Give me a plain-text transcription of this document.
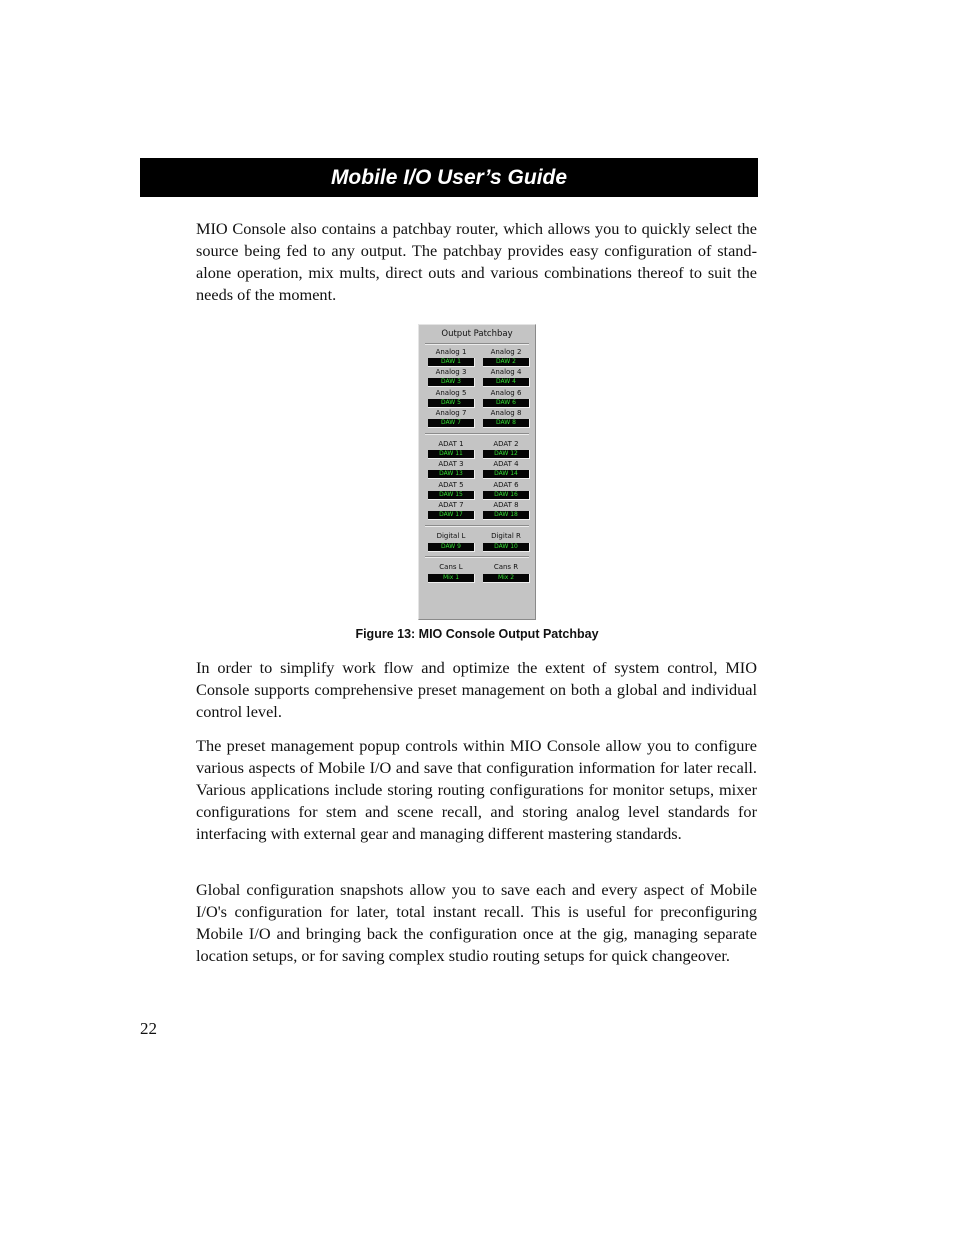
Mobile I/O User’s Guide

MIO Console also contains a patchbay router, which allows you to quickly select the source being fed to any output. The patchbay provides easy configuration of stand-alone operation, mix mults, direct outs and various combinations thereof to suit the needs of the moment.

Output Patchbay
Analog 1	Analog 2
DAW 1	DAW 2
Analog 3	Analog 4
DAW 3	DAW 4
Analog 5	Analog 6
DAW 5	DAW 6
Analog 7	Analog 8
DAW 7	DAW 8
ADAT 1	ADAT 2
DAW 11	DAW 12
ADAT 3	ADAT 4
DAW 13	DAW 14
ADAT 5	ADAT 6
DAW 15	DAW 16
ADAT 7	ADAT 8
DAW 17	DAW 18
Digital L	Digital R
DAW 9	DAW 10
Cans L	Cans R
Mix 1	Mix 2
Figure 13: MIO Console Output Patchbay

In order to simplify work flow and optimize the extent of system control, MIO Console supports comprehensive preset management on both a global and individual control level.

The preset management popup controls within MIO Console allow you to configure various aspects of Mobile I/O and save that configuration information for later recall. Various applications include storing routing configurations for monitor setups, mixer configurations for stem and scene recall, and storing analog level standards for interfacing with external gear and managing different mastering standards.

Global configuration snapshots allow you to save each and every aspect of Mobile I/O's configuration for later, total instant recall. This is useful for preconfiguring Mobile I/O and bringing back the configuration once at the gig, managing separate location setups, or for saving complex studio routing setups for quick changeover.

22
